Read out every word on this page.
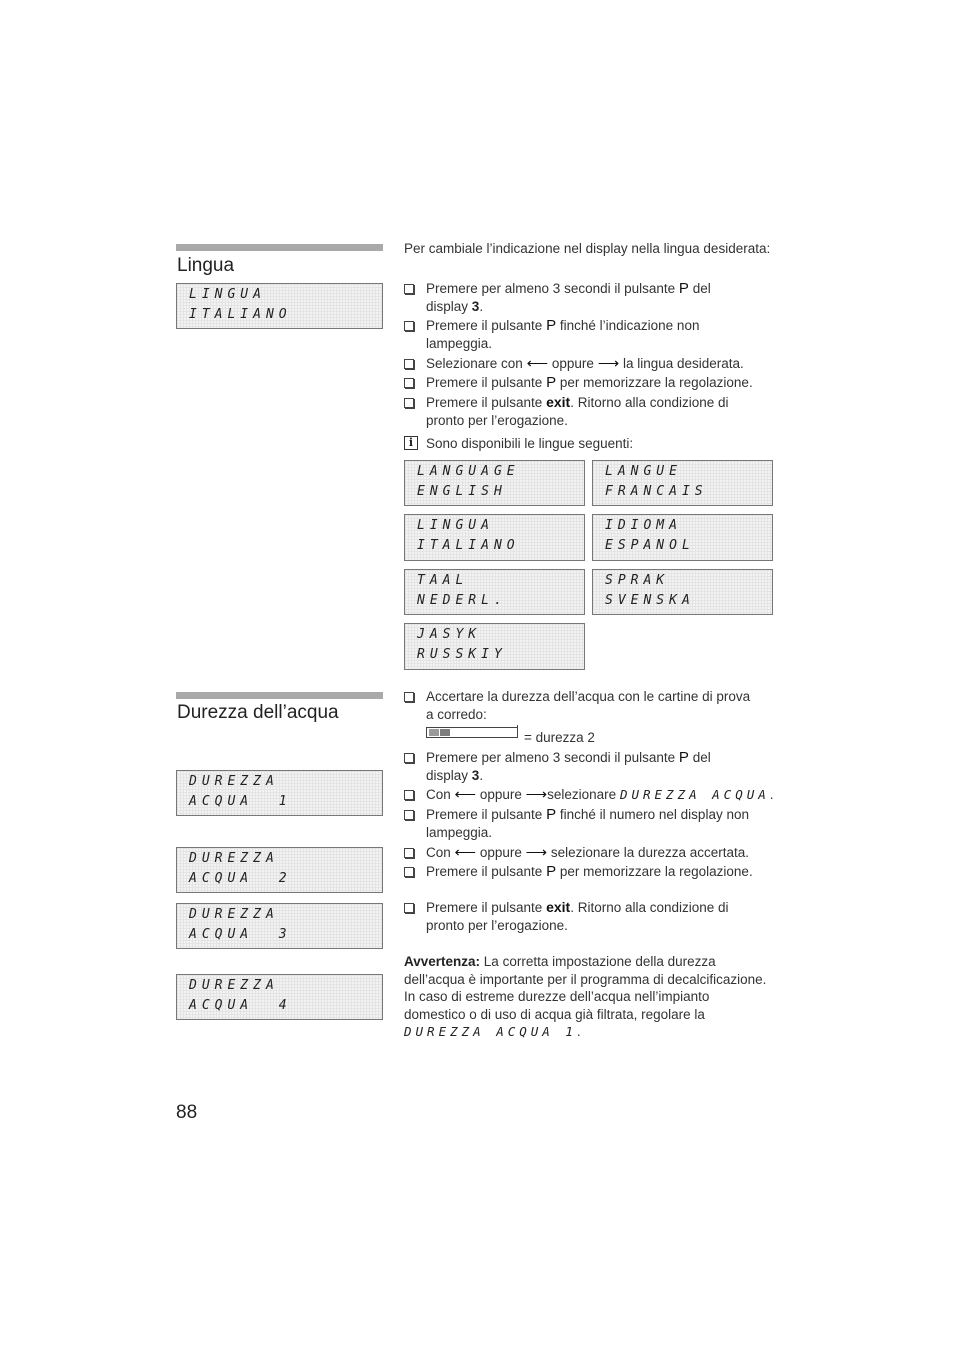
Lingua
LINGUA
ITALIANO
Per cambiale l’indicazione nel display nella lingua desiderata:
Premere per almeno 3 secondi il pulsante P del
display 3.
Premere il pulsante P finché l’indicazione non
lampeggia.
Selezionare con ⟵ oppure ⟶ la lingua desiderata.
Premere il pulsante P per memorizzare la regolazione.
Premere il pulsante exit. Ritorno alla condizione di
pronto per l’erogazione.
i Sono disponibili le lingue seguenti:
LANGUAGE
ENGLISH
LANGUE
FRANCAIS
LINGUA
ITALIANO
IDIOMA
ESPANOL
TAAL
NEDERL.
SPRAK
SVENSKA
JASYK
RUSSKIY
Durezza dell’acqua
DUREZZA
ACQUA  1
DUREZZA
ACQUA  2
DUREZZA
ACQUA  3
DUREZZA
ACQUA  4
Accertare la durezza dell’acqua con le cartine di prova
a corredo:
= durezza 2
Premere per almeno 3 secondi il pulsante P del
display 3.
Con ⟵ oppure ⟶selezionare DUREZZA ACQUA.
Premere il pulsante P finché il numero nel display non
lampeggia.
Con ⟵ oppure ⟶ selezionare la durezza accertata.
Premere il pulsante P per memorizzare la regolazione.
Premere il pulsante exit. Ritorno alla condizione di
pronto per l’erogazione.
Avvertenza: La corretta impostazione della durezza
dell’acqua è importante per il programma di decalcificazione.
In caso di estreme durezze dell’acqua nell’impianto
domestico o di uso di acqua già filtrata, regolare la
DUREZZA ACQUA 1.
88
